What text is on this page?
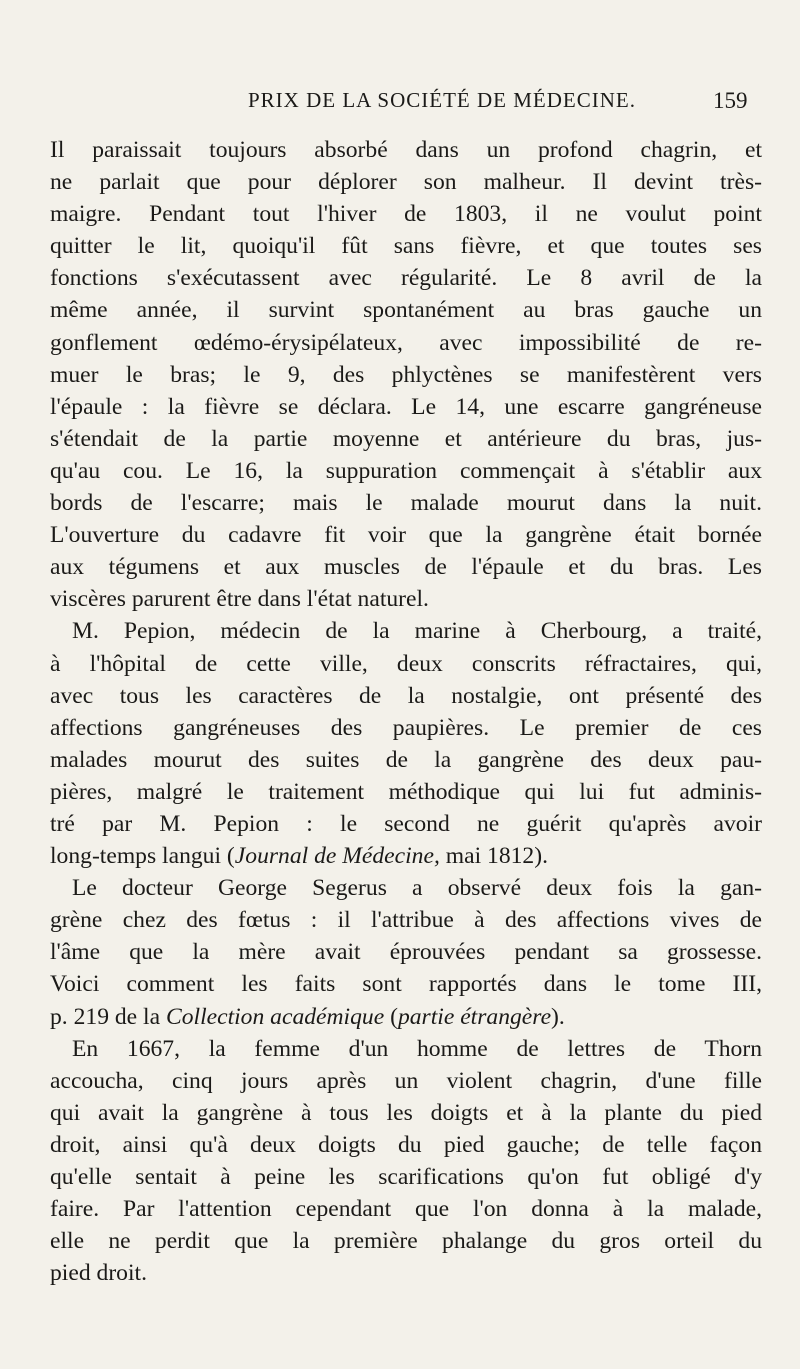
PRIX DE LA SOCIÉTÉ DE MÉDECINE.	159
Il paraissait toujours absorbé dans un profond chagrin, et
ne parlait que pour déplorer son malheur. Il devint très-
maigre. Pendant tout l'hiver de 1803, il ne voulut point
quitter le lit, quoiqu'il fût sans fièvre, et que toutes ses
fonctions s'exécutassent avec régularité. Le 8 avril de la
même année, il survint spontanément au bras gauche un
gonflement œdémo-érysipélateux, avec impossibilité de re-
muer le bras; le 9, des phlyctènes se manifestèrent vers
l'épaule : la fièvre se déclara. Le 14, une escarre gangréneuse
s'étendait de la partie moyenne et antérieure du bras, jus-
qu'au cou. Le 16, la suppuration commençait à s'établir aux
bords de l'escarre; mais le malade mourut dans la nuit.
L'ouverture du cadavre fit voir que la gangrène était bornée
aux tégumens et aux muscles de l'épaule et du bras. Les
viscères parurent être dans l'état naturel.
M. Pepion, médecin de la marine à Cherbourg, a traité,
à l'hôpital de cette ville, deux conscrits réfractaires, qui,
avec tous les caractères de la nostalgie, ont présenté des
affections gangréneuses des paupières. Le premier de ces
malades mourut des suites de la gangrène des deux pau-
pières, malgré le traitement méthodique qui lui fut adminis-
tré par M. Pepion : le second ne guérit qu'après avoir
long-temps langui (Journal de Médecine, mai 1812).
Le docteur George Segerus a observé deux fois la gan-
grène chez des fœtus : il l'attribue à des affections vives de
l'âme que la mère avait éprouvées pendant sa grossesse.
Voici comment les faits sont rapportés dans le tome III,
p. 219 de la Collection académique (partie étrangère).
En 1667, la femme d'un homme de lettres de Thorn
accoucha, cinq jours après un violent chagrin, d'une fille
qui avait la gangrène à tous les doigts et à la plante du pied
droit, ainsi qu'à deux doigts du pied gauche; de telle façon
qu'elle sentait à peine les scarifications qu'on fut obligé d'y
faire. Par l'attention cependant que l'on donna à la malade,
elle ne perdit que la première phalange du gros orteil du
pied droit.
